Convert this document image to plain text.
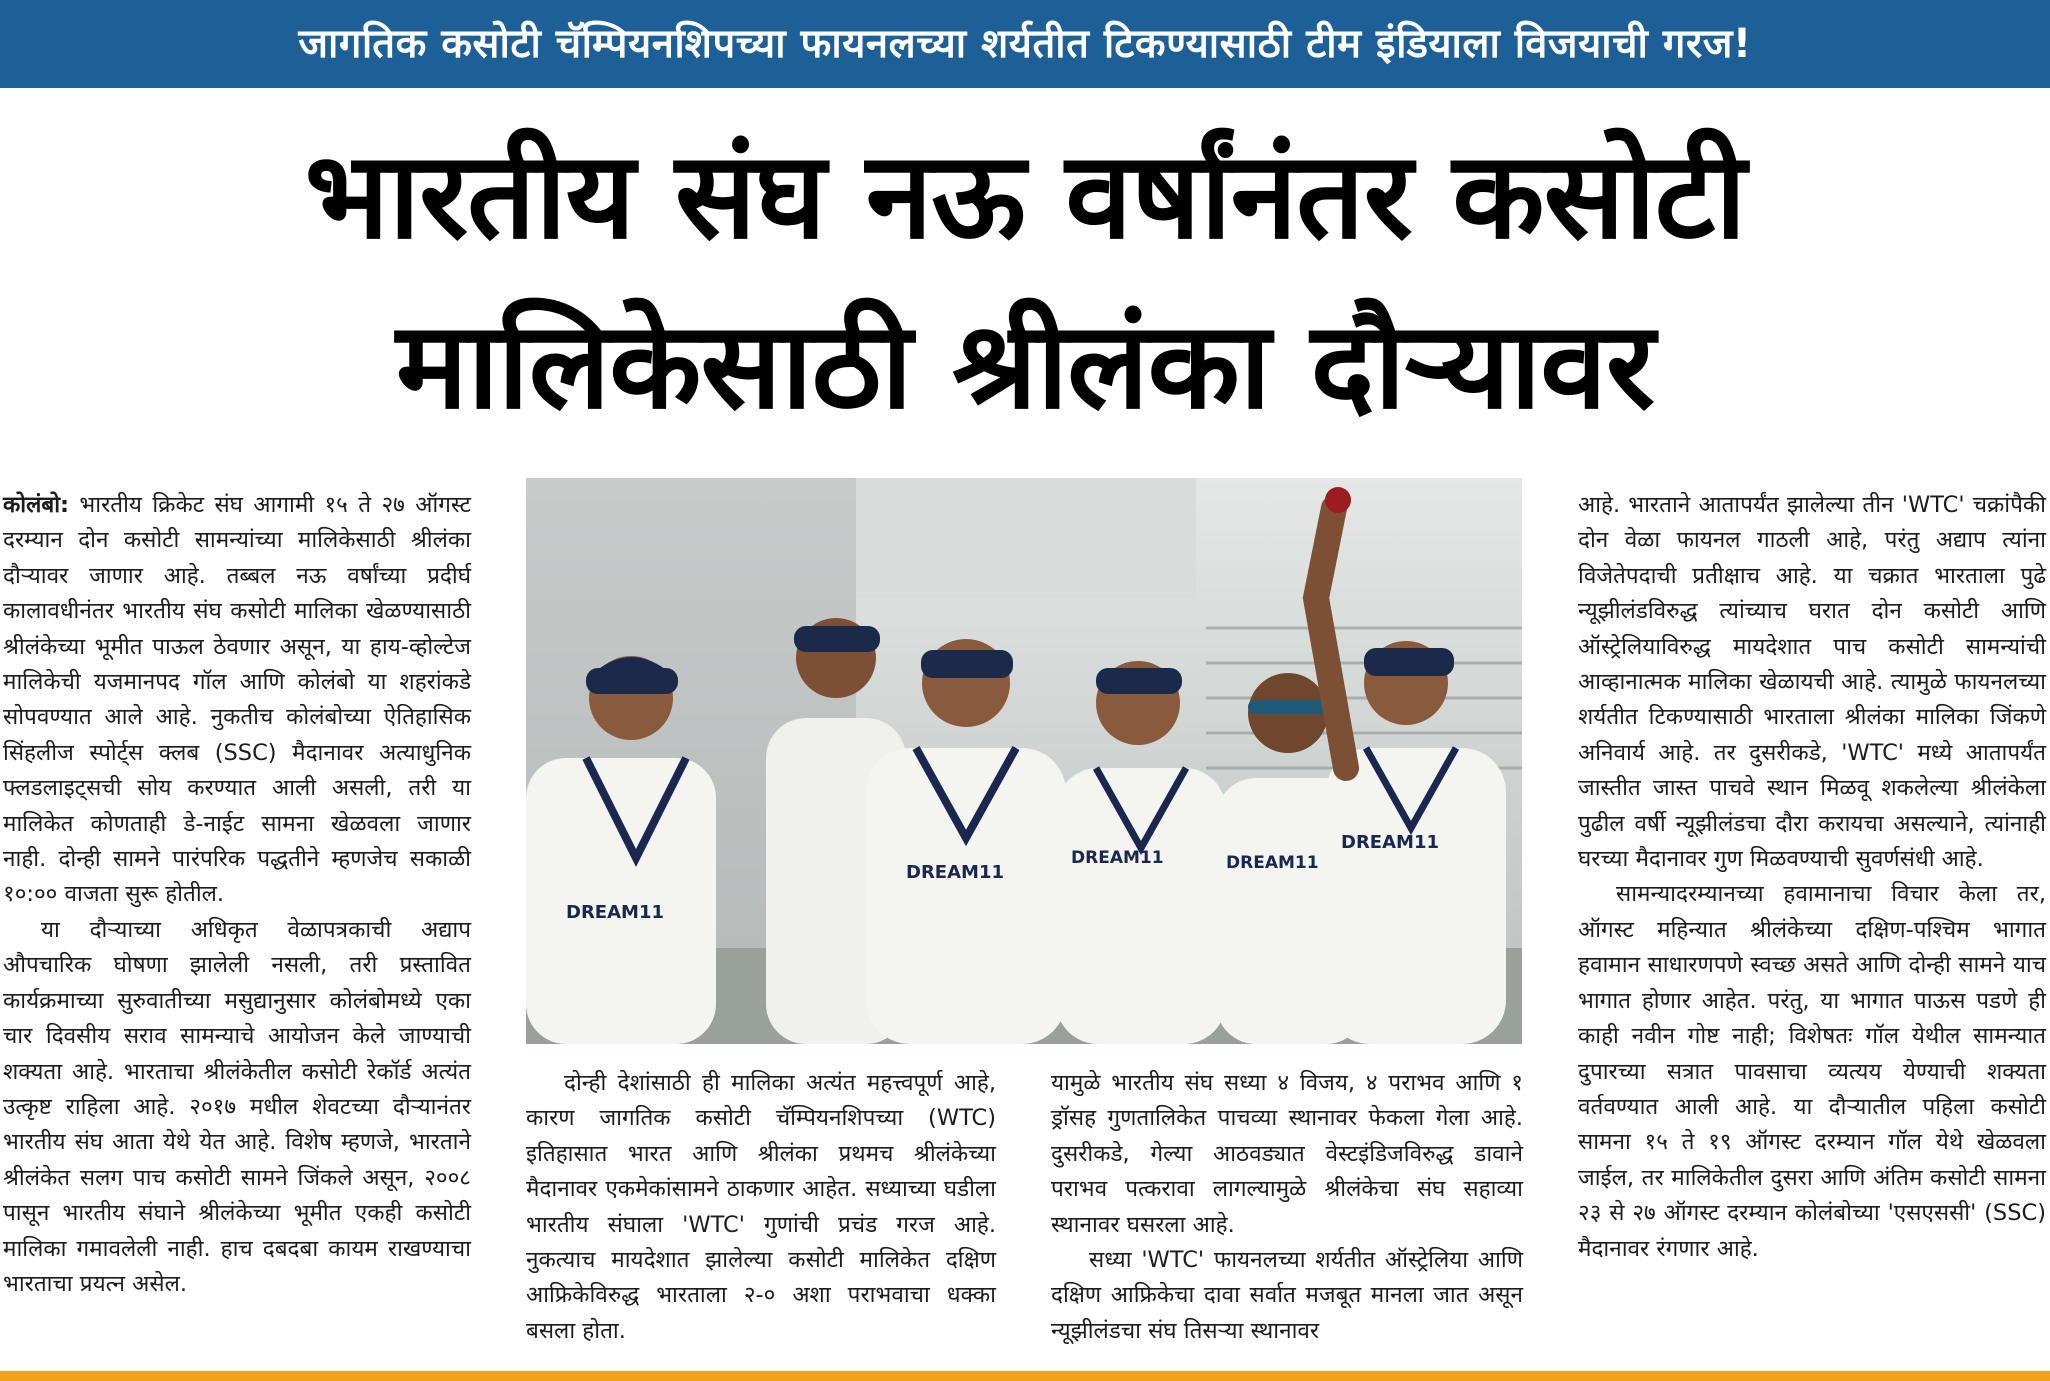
जागतिक कसोटी चॅम्पियनशिपच्या फायनलच्या शर्यतीत टिकण्यासाठी टीम इंडियाला विजयाची गरज!
भारतीय संघ नऊ वर्षांनंतर कसोटी
मालिकेसाठी श्रीलंका दौऱ्यावर

कोलंबो: भारतीय क्रिकेट संघ आगामी १५ ते २७ ऑगस्ट दरम्यान दोन कसोटी सामन्यांच्या मालिकेसाठी श्रीलंका दौऱ्यावर जाणार आहे. तब्बल नऊ वर्षांच्या प्रदीर्घ कालावधीनंतर भारतीय संघ कसोटी मालिका खेळण्यासाठी श्रीलंकेच्या भूमीत पाऊल ठेवणार असून, या हाय-व्होल्टेज मालिकेची यजमानपद गॉल आणि कोलंबो या शहरांकडे सोपवण्यात आले आहे. नुकतीच कोलंबोच्या ऐतिहासिक सिंहलीज स्पोर्ट्स क्लब (SSC) मैदानावर अत्याधुनिक फ्लडलाइट्सची सोय करण्यात आली असली, तरी या मालिकेत कोणताही डे-नाईट सामना खेळवला जाणार नाही. दोन्ही सामने पारंपरिक पद्धतीने म्हणजेच सकाळी १०:०० वाजता सुरू होतील.

या दौऱ्याच्या अधिकृत वेळापत्रकाची अद्याप औपचारिक घोषणा झालेली नसली, तरी प्रस्तावित कार्यक्रमाच्या सुरुवातीच्या मसुद्यानुसार कोलंबोमध्ये एका चार दिवसीय सराव सामन्याचे आयोजन केले जाण्याची शक्यता आहे. भारताचा श्रीलंकेतील कसोटी रेकॉर्ड अत्यंत उत्कृष्ट राहिला आहे. २०१७ मधील शेवटच्या दौऱ्यानंतर भारतीय संघ आता येथे येत आहे. विशेष म्हणजे, भारताने श्रीलंकेत सलग पाच कसोटी सामने जिंकले असून, २००८ पासून भारतीय संघाने श्रीलंकेच्या भूमीत एकही कसोटी मालिका गमावलेली नाही. हाच दबदबा कायम राखण्याचा भारताचा प्रयत्न असेल.

DREAM11
DREAM11
DREAM11	DREAM11
DREAM11

दोन्ही देशांसाठी ही मालिका अत्यंत महत्त्वपूर्ण आहे, कारण जागतिक कसोटी चॅम्पियनशिपच्या (WTC) इतिहासात भारत आणि श्रीलंका प्रथमच श्रीलंकेच्या मैदानावर एकमेकांसामने ठाकणार आहेत. सध्याच्या घडीला भारतीय संघाला 'WTC' गुणांची प्रचंड गरज आहे. नुकत्याच मायदेशात झालेल्या कसोटी मालिकेत दक्षिण आफ्रिकेविरुद्ध भारताला २-० अशा पराभवाचा धक्का बसला होता.

यामुळे भारतीय संघ सध्या ४ विजय, ४ पराभव आणि १ ड्रॉसह गुणतालिकेत पाचव्या स्थानावर फेकला गेला आहे. दुसरीकडे, गेल्या आठवड्यात वेस्टइंडिजविरुद्ध डावाने पराभव पत्करावा लागल्यामुळे श्रीलंकेचा संघ सहाव्या स्थानावर घसरला आहे.

सध्या 'WTC' फायनलच्या शर्यतीत ऑस्ट्रेलिया आणि दक्षिण आफ्रिकेचा दावा सर्वात मजबूत मानला जात असून न्यूझीलंडचा संघ तिसऱ्या स्थानावर

आहे. भारताने आतापर्यंत झालेल्या तीन 'WTC' चक्रांपैकी दोन वेळा फायनल गाठली आहे, परंतु अद्याप त्यांना विजेतेपदाची प्रतीक्षाच आहे. या चक्रात भारताला पुढे न्यूझीलंडविरुद्ध त्यांच्याच घरात दोन कसोटी आणि ऑस्ट्रेलियाविरुद्ध मायदेशात पाच कसोटी सामन्यांची आव्हानात्मक मालिका खेळायची आहे. त्यामुळे फायनलच्या शर्यतीत टिकण्यासाठी भारताला श्रीलंका मालिका जिंकणे अनिवार्य आहे. तर दुसरीकडे, 'WTC' मध्ये आतापर्यंत जास्तीत जास्त पाचवे स्थान मिळवू शकलेल्या श्रीलंकेला पुढील वर्षी न्यूझीलंडचा दौरा करायचा असल्याने, त्यांनाही घरच्या मैदानावर गुण मिळवण्याची सुवर्णसंधी आहे.

सामन्यादरम्यानच्या हवामानाचा विचार केला तर, ऑगस्ट महिन्यात श्रीलंकेच्या दक्षिण-पश्चिम भागात हवामान साधारणपणे स्वच्छ असते आणि दोन्ही सामने याच भागात होणार आहेत. परंतु, या भागात पाऊस पडणे ही काही नवीन गोष्ट नाही; विशेषतः गॉल येथील सामन्यात दुपारच्या सत्रात पावसाचा व्यत्यय येण्याची शक्यता वर्तवण्यात आली आहे. या दौऱ्यातील पहिला कसोटी सामना १५ ते १९ ऑगस्ट दरम्यान गॉल येथे खेळवला जाईल, तर मालिकेतील दुसरा आणि अंतिम कसोटी सामना २३ से २७ ऑगस्ट दरम्यान कोलंबोच्या 'एसएससी' (SSC) मैदानावर रंगणार आहे.
